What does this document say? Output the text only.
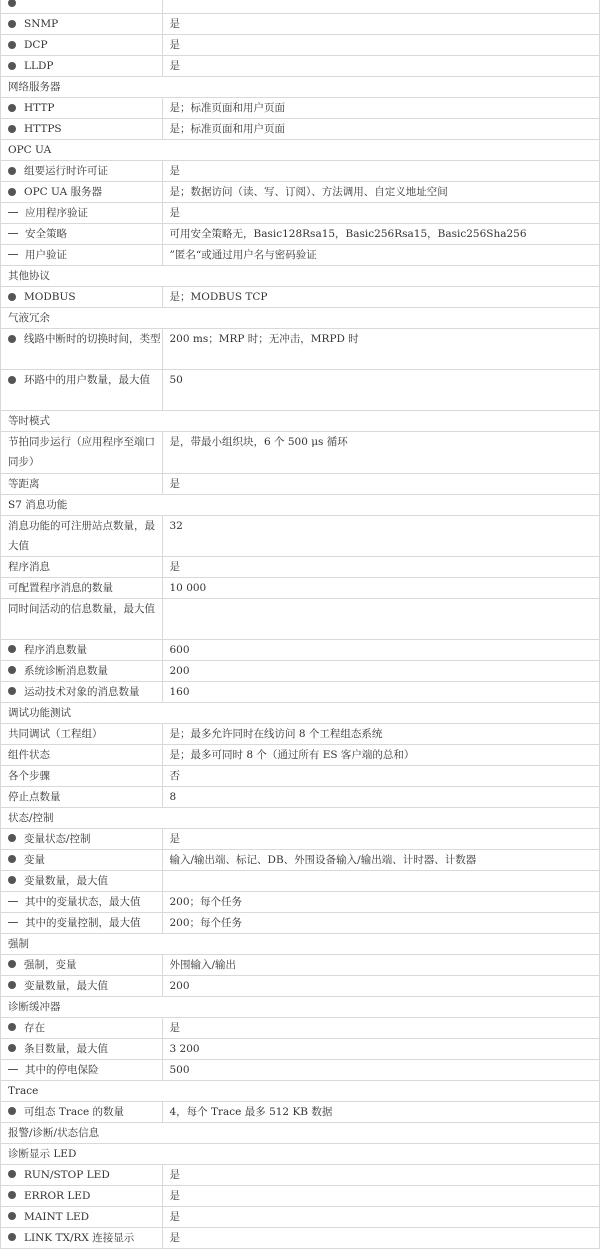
SNMP	是
DCP	是
LLDP	是
网络服务器	
HTTP	是；标准页面和用户页面
HTTPS	是；标准页面和用户页面
OPC UA	
组要运行时许可证	是
OPC UA 服务器	是；数据访问（读、写、订阅）、方法调用、自定义地址空间
应用程序验证	是
安全策略	可用安全策略无，Basic128Rsa15，Basic256Rsa15，Basic256Sha256
用户验证	”匿名“或通过用户名与密码验证
其他协议	
MODBUS	是；MODBUS TCP
气液冗余	
线路中断时的切换时间，类型	200 ms；MRP 时；无冲击，MRPD 时
环路中的用户数量，最大值	50
等时模式	
节拍同步运行（应用程序至端口同步）	是，带最小组织块，6 个 500 μs 循环
等距离	是
S7 消息功能	
消息功能的可注册站点数量，最大值	32
程序消息	是
可配置程序消息的数量	10 000
同时间活动的信息数量，最大值	
程序消息数量	600
系统诊断消息数量	200
运动技术对象的消息数量	160
调试功能测试	
共同调试（工程组）	是；最多允许同时在线访问 8 个工程组态系统
组件状态	是；最多可同时 8 个（通过所有 ES 客户端的总和）
各个步骤	否
停止点数量	8
状态/控制	
变量状态/控制	是
变量	输入/输出端、标记、DB、外围设备输入/输出端、计时器、计数器
变量数量，最大值	
其中的变量状态，最大值	200；每个任务
其中的变量控制，最大值	200；每个任务
强制	
强制，变量	外围输入/输出
变量数量，最大值	200
诊断缓冲器	
存在	是
条目数量，最大值	3 200
其中的停电保险	500
Trace	
可组态 Trace 的数量	4，每个 Trace 最多 512 KB 数据
报警/诊断/状态信息	
诊断显示 LED	
RUN/STOP LED	是
ERROR LED	是
MAINT LED	是
LINK TX/RX 连接显示	是
